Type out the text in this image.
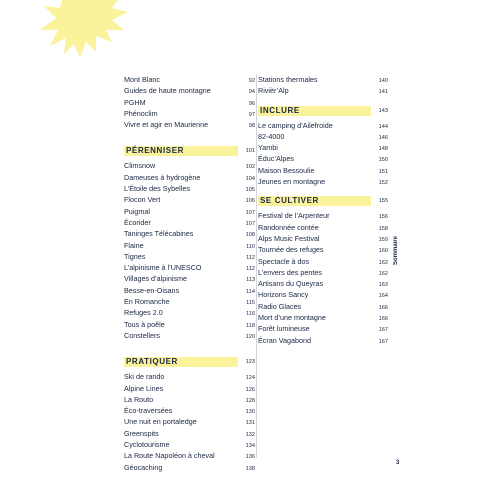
Mont Blanc	92
Guides de haute montagne	94
PGHM	96
Phénoclim	97
Vivre et agir en Maurienne	98
PÉRENNISER	101
Climsnow	102
Dameuses à hydrogène	104
L’Étoile des Sybelles	105
Flocon Vert	106
Puigmal	107
Écorider	107
Taninges Télécabines	108
Flaine	110
Tignes	112
L’alpinisme à l’UNESCO	112
Villages d’alpinisme	113
Besse-en-Oisans	114
En Romanche	115
Refuges 2.0	116
Tous à poêle	118
Constellers	120
PRATIQUER	123
Ski de rando	124
Alpine Lines	126
La Routo	128
Éco-traversées	130
Une nuit en portaledge	131
Greenspits	132
Cyclotourisme	134
La Route Napoléon à cheval	136
Géocaching	138
Stations thermales	140
Rivièr’Alp	141
INCLURE	143
Le camping d’Ailefroide	144
82-4000	146
Yambi	148
Éduc’Alpes	150
Maison Bessoulie	151
Jeunes en montagne	152
SE CULTIVER	155
Festival de l’Arpenteur	156
Randonnée contée	158
Alps Music Festival	159
Tournée des refuges	160
Spectacle à dos	162
L’envers des pentes	162
Artisans du Queyras	163
Horizons Sancy	164
Radio Glaces	166
Mort d’une montagne	166
Forêt lumineuse	167
Écran Vagabond	167
Sommaire
3
